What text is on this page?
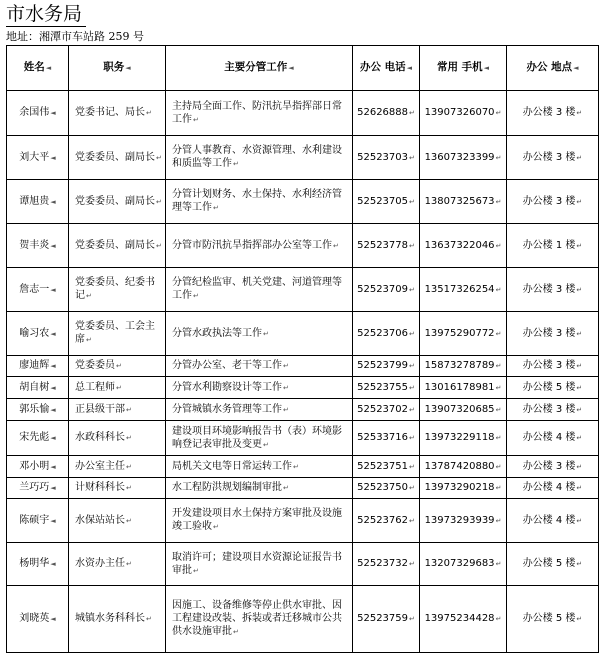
市水务局
地址：湘潭市车站路 259 号
姓名◄	职务◄	主要分管工作◄	办公 电话◄	常用 手机◄	办公 地点◄
余国伟◄	党委书记、局长↵	主持局全面工作、防汛抗旱指挥部日常工作↵	52626888↵	13907326070↵	办公楼 3 楼↵
刘大平◄	党委委员、副局长↵	分管人事教育、水资源管理、水利建设和质监等工作↵	52523703↵	13607323399↵	办公楼 3 楼↵
谭旭贵◄	党委委员、副局长↵	分管计划财务、水土保持、水利经济管理等工作↵	52523705↵	13807325673↵	办公楼 3 楼↵
贺丰炎◄	党委委员、副局长↵	分管市防汛抗旱指挥部办公室等工作↵	52523778↵	13637322046↵	办公楼 1 楼↵
詹志一◄	党委委员、纪委书记↵	分管纪检监审、机关党建、河道管理等工作↵	52523709↵	13517326254↵	办公楼 3 楼↵
喻习农◄	党委委员、工会主席↵	分管水政执法等工作↵	52523706↵	13975290772↵	办公楼 3 楼↵
廖迪辉◄	党委委员↵	分管办公室、老干等工作↵	52523799↵	15873278789↵	办公楼 3 楼↵
胡自树◄	总工程师↵	分管水利勘察设计等工作↵	52523755↵	13016178981↵	办公楼 5 楼↵
郭乐愉◄	正县级干部↵	分管城镇水务管理等工作↵	52523702↵	13907320685↵	办公楼 3 楼↵
宋先彪◄	水政科科长↵	建设项目环境影响报告书（表）环境影响登记表审批及变更↵	52533716↵	13973229118↵	办公楼 4 楼↵
邓小明◄	办公室主任↵	局机关文电等日常运转工作↵	52523751↵	13787420880↵	办公楼 3 楼↵
兰巧巧◄	计财科科长↵	水工程防洪规划编制审批↵	52523750↵	13973290218↵	办公楼 4 楼↵
陈硕宇◄	水保站站长↵	开发建设项目水土保持方案审批及设施竣工验收↵	52523762↵	13973293939↵	办公楼 4 楼↵
杨明华◄	水资办主任↵	取消许可；建设项目水资源论证报告书审批↵	52523732↵	13207329683↵	办公楼 5 楼↵
刘晓英◄	城镇水务科科长↵	因施工、设备维修等停止供水审批、因工程建设改装、拆装或者迁移城市公共供水设施审批↵	52523759↵	13975234428↵	办公楼 5 楼↵
